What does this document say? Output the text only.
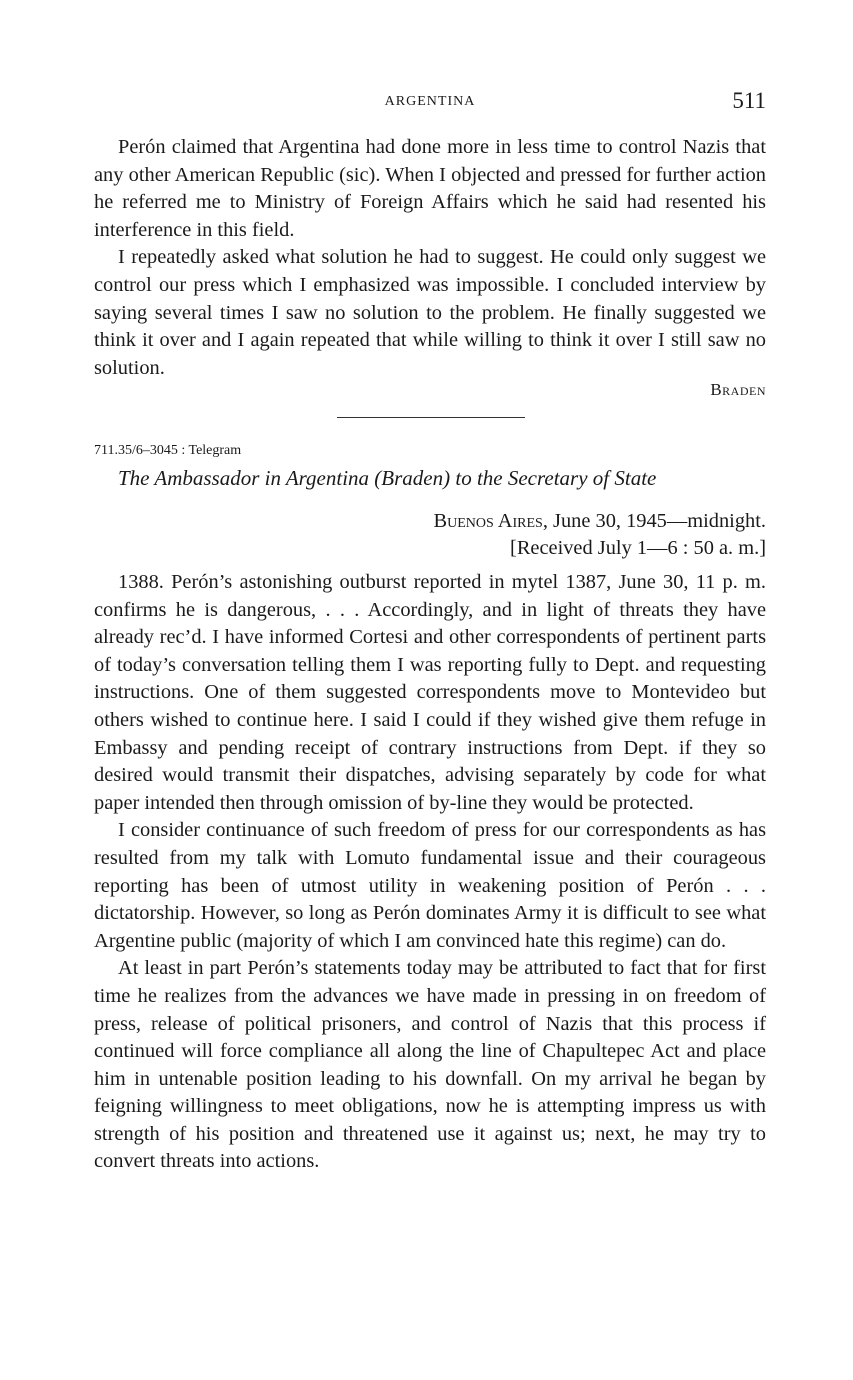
ARGENTINA	511

Perón claimed that Argentina had done more in less time to control Nazis that any other American Republic (sic). When I objected and pressed for further action he referred me to Ministry of Foreign Affairs which he said had resented his interference in this field.

I repeatedly asked what solution he had to suggest. He could only suggest we control our press which I emphasized was impossible. I concluded interview by saying several times I saw no solution to the problem. He finally suggested we think it over and I again repeated that while willing to think it over I still saw no solution.

Braden
711.35/6–3045 : Telegram
The Ambassador in Argentina (Braden) to the Secretary of State
Buenos Aires, June 30, 1945—midnight.
[Received July 1—6 : 50 a. m.]

1388. Perón’s astonishing outburst reported in mytel 1387, June 30, 11 p. m. confirms he is dangerous, . . . Accordingly, and in light of threats they have already rec’d. I have informed Cortesi and other correspondents of pertinent parts of today’s conversation telling them I was reporting fully to Dept. and requesting instructions. One of them suggested correspondents move to Montevideo but others wished to continue here. I said I could if they wished give them refuge in Embassy and pending receipt of contrary instructions from Dept. if they so desired would transmit their dispatches, advising separately by code for what paper intended then through omission of by-line they would be protected.

I consider continuance of such freedom of press for our correspondents as has resulted from my talk with Lomuto fundamental issue and their courageous reporting has been of utmost utility in weakening position of Perón . . . dictatorship. However, so long as Perón dominates Army it is difficult to see what Argentine public (majority of which I am convinced hate this regime) can do.

At least in part Perón’s statements today may be attributed to fact that for first time he realizes from the advances we have made in pressing in on freedom of press, release of political prisoners, and control of Nazis that this process if continued will force compliance all along the line of Chapultepec Act and place him in untenable position leading to his downfall. On my arrival he began by feigning willingness to meet obligations, now he is attempting impress us with strength of his position and threatened use it against us; next, he may try to convert threats into actions.
